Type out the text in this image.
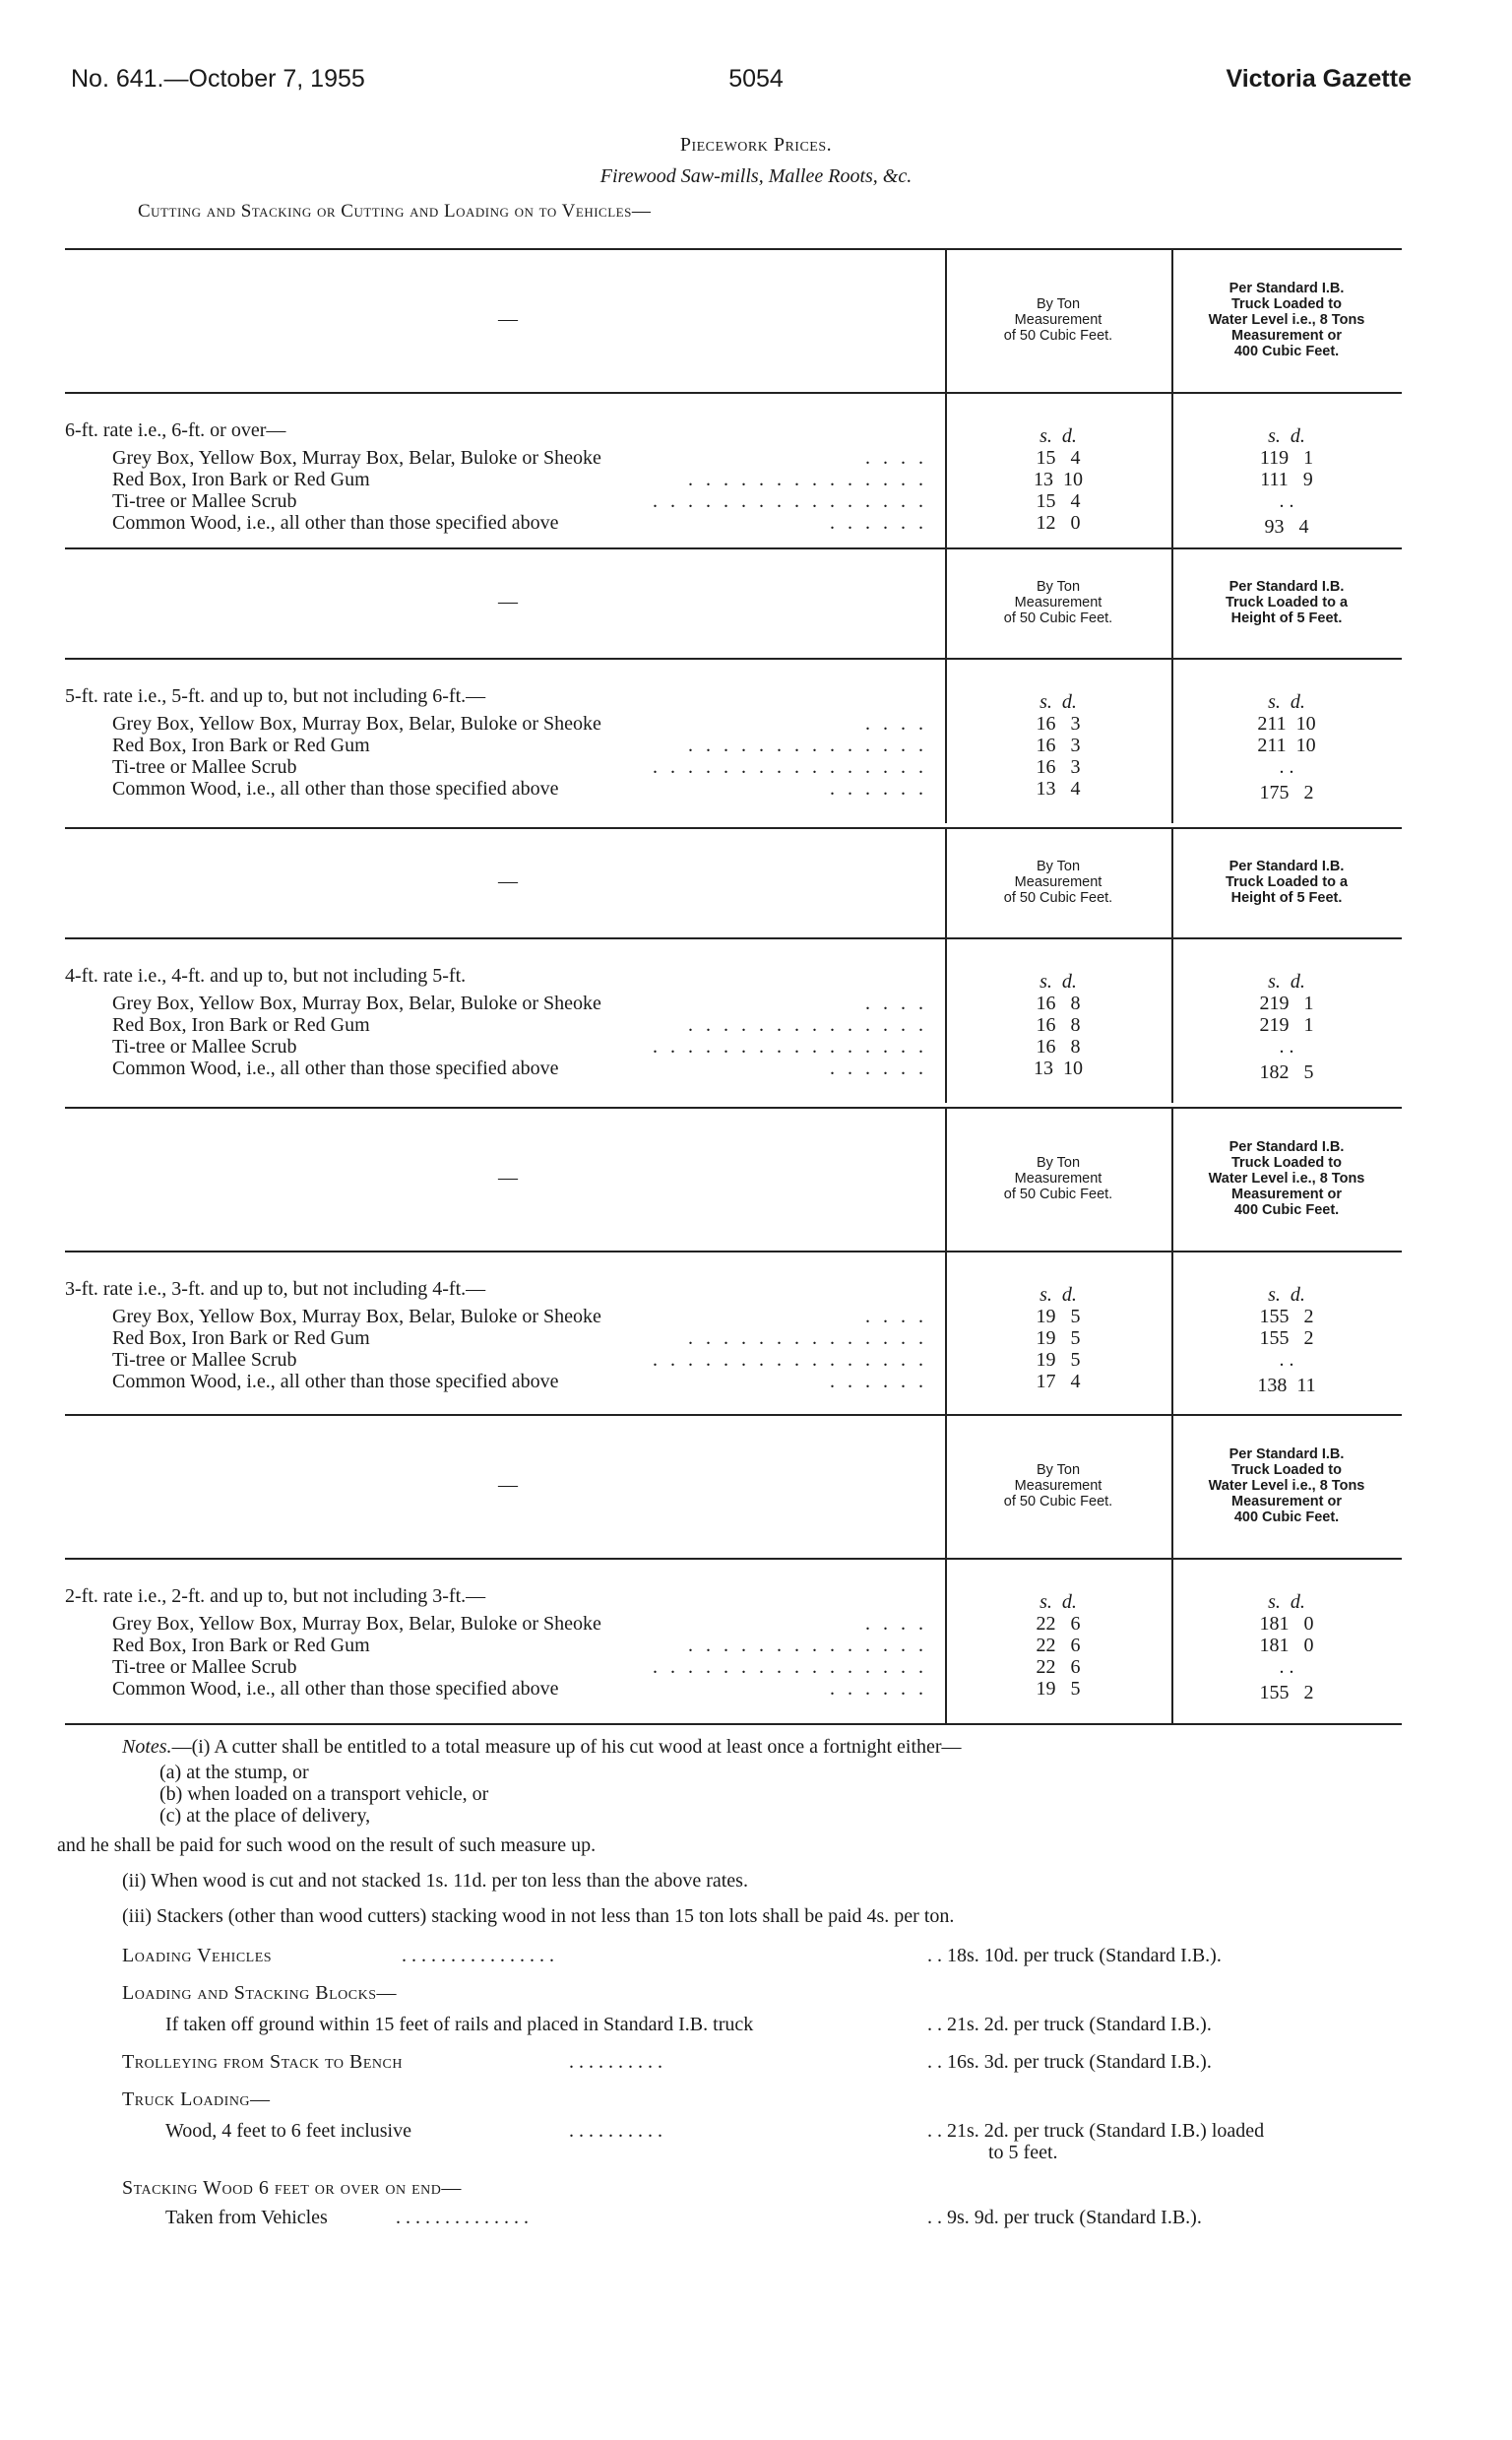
No. 641.—October 7, 1955	5054	Victoria Gazette
Piecework Prices.
Firewood Saw-mills, Mallee Roots, &c.
Cutting and Stacking or Cutting and Loading on to Vehicles—
—
By Ton
Measurement
of 50 Cubic Feet.
Per Standard I.B.
Truck Loaded to
Water Level i.e., 8 Tons
Measurement or
400 Cubic Feet.
6-ft. rate i.e., 6-ft. or over—	s. d.	s. d.
Grey Box, Yellow Box, Murray Box, Belar, Buloke or Sheoke	. . . .	15   4	119   1
Red Box, Iron Bark or Red Gum	. . . . . . . . . . . . . .	13  10	111   9
Ti-tree or Mallee Scrub	. . . . . . . . . . . . . . . .	15   4	. .
Common Wood, i.e., all other than those specified above	. . . . . .	12   0	93   4
—
By Ton
Measurement
of 50 Cubic Feet.
Per Standard I.B.
Truck Loaded to a
Height of 5 Feet.
5-ft. rate i.e., 5-ft. and up to, but not including 6-ft.—	s. d.	s. d.
Grey Box, Yellow Box, Murray Box, Belar, Buloke or Sheoke	. . . .	16   3	211  10
Red Box, Iron Bark or Red Gum	. . . . . . . . . . . . . .	16   3	211  10
Ti-tree or Mallee Scrub	. . . . . . . . . . . . . . . .	16   3	. .
Common Wood, i.e., all other than those specified above	. . . . . .	13   4	175   2
—
By Ton
Measurement
of 50 Cubic Feet.
Per Standard I.B.
Truck Loaded to a
Height of 5 Feet.
4-ft. rate i.e., 4-ft. and up to, but not including 5-ft.	s. d.	s. d.
Grey Box, Yellow Box, Murray Box, Belar, Buloke or Sheoke	. . . .	16   8	219   1
Red Box, Iron Bark or Red Gum	. . . . . . . . . . . . . .	16   8	219   1
Ti-tree or Mallee Scrub	. . . . . . . . . . . . . . . .	16   8	. .
Common Wood, i.e., all other than those specified above	. . . . . .	13  10	182   5
—
By Ton
Measurement
of 50 Cubic Feet.
Per Standard I.B.
Truck Loaded to
Water Level i.e., 8 Tons
Measurement or
400 Cubic Feet.
3-ft. rate i.e., 3-ft. and up to, but not including 4-ft.—	s. d.	s. d.
Grey Box, Yellow Box, Murray Box, Belar, Buloke or Sheoke	. . . .	19   5	155   2
Red Box, Iron Bark or Red Gum	. . . . . . . . . . . . . .	19   5	155   2
Ti-tree or Mallee Scrub	. . . . . . . . . . . . . . . .	19   5	. .
Common Wood, i.e., all other than those specified above	. . . . . .	17   4	138  11
—
By Ton
Measurement
of 50 Cubic Feet.
Per Standard I.B.
Truck Loaded to
Water Level i.e., 8 Tons
Measurement or
400 Cubic Feet.
2-ft. rate i.e., 2-ft. and up to, but not including 3-ft.—	s. d.	s. d.
Grey Box, Yellow Box, Murray Box, Belar, Buloke or Sheoke	. . . .	22   6	181   0
Red Box, Iron Bark or Red Gum	. . . . . . . . . . . . . .	22   6	181   0
Ti-tree or Mallee Scrub	. . . . . . . . . . . . . . . .	22   6	. .
Common Wood, i.e., all other than those specified above	. . . . . .	19   5	155   2
Notes.—(i) A cutter shall be entitled to a total measure up of his cut wood at least once a fortnight either—
(a) at the stump, or
(b) when loaded on a transport vehicle, or
(c) at the place of delivery,
and he shall be paid for such wood on the result of such measure up.
(ii) When wood is cut and not stacked 1s. 11d. per ton less than the above rates.
(iii) Stackers (other than wood cutters) stacking wood in not less than 15 ton lots shall be paid 4s. per ton.
Loading Vehicles	. . . . . . . . . . . . . . . .	. . 18s. 10d. per truck (Standard I.B.).
Loading and Stacking Blocks—
If taken off ground within 15 feet of rails and placed in Standard I.B. truck	. . 21s. 2d. per truck (Standard I.B.).
Trolleying from Stack to Bench	. . . . . . . . . .	. . 16s. 3d. per truck (Standard I.B.).
Truck Loading—
Wood, 4 feet to 6 feet inclusive	. . . . . . . . . .	. . 21s. 2d. per truck (Standard I.B.) loaded
to 5 feet.
Stacking Wood 6 feet or over on end—
Taken from Vehicles	. . . . . . . . . . . . . .	. . 9s. 9d. per truck (Standard I.B.).
